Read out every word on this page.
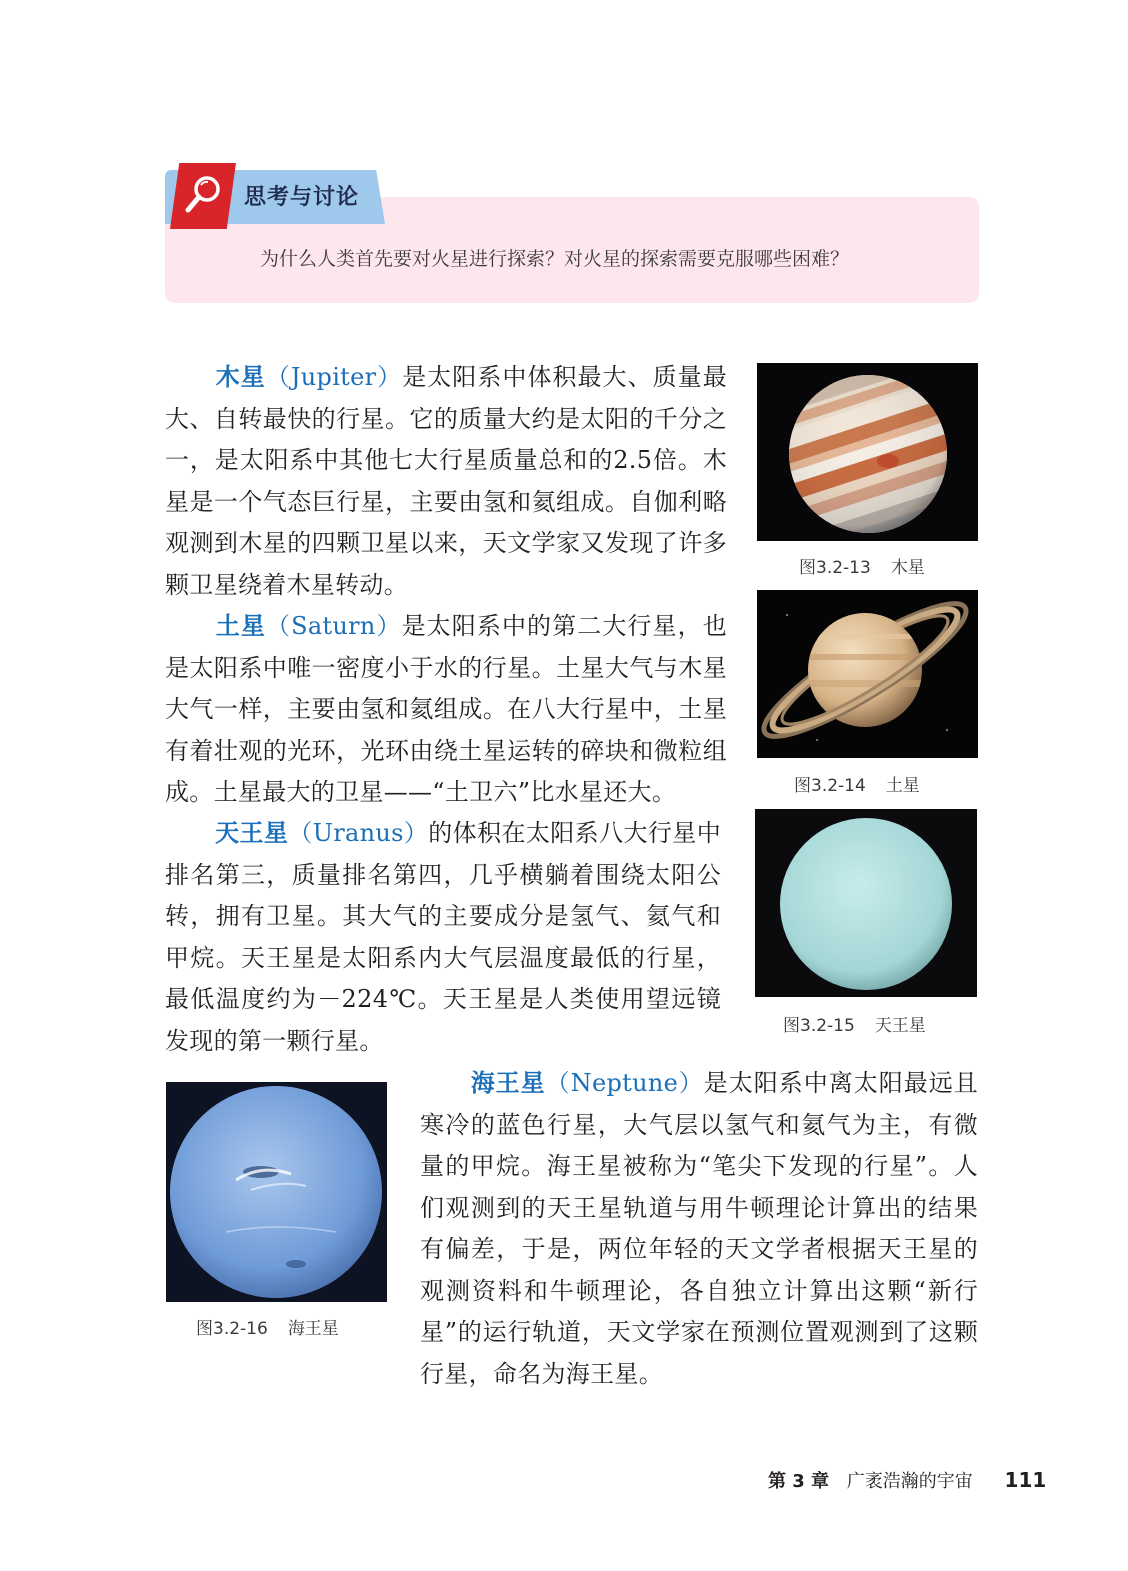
思考与讨论
为什么人类首先要对火星进行探索？对火星的探索需要克服哪些困难？
木星（Jupiter）是太阳系中体积最大、质量最大、自转最快的行星。它的质量大约是太阳的千分之一，是太阳系中其他七大行星质量总和的2.5倍。木星是一个气态巨行星，主要由氢和氦组成。自伽利略观测到木星的四颗卫星以来，天文学家又发现了许多颗卫星绕着木星转动。
土星（Saturn）是太阳系中的第二大行星，也是太阳系中唯一密度小于水的行星。土星大气与木星大气一样，主要由氢和氦组成。在八大行星中，土星有着壮观的光环，光环由绕土星运转的碎块和微粒组成。土星最大的卫星——“土卫六”比水星还大。
天王星（Uranus）的体积在太阳系八大行星中排名第三，质量排名第四，几乎横躺着围绕太阳公转，拥有卫星。其大气的主要成分是氢气、氦气和甲烷。天王星是太阳系内大气层温度最低的行星，最低温度约为－224℃。天王星是人类使用望远镜发现的第一颗行星。
海王星（Neptune）是太阳系中离太阳最远且寒冷的蓝色行星，大气层以氢气和氦气为主，有微量的甲烷。海王星被称为“笔尖下发现的行星”。人们观测到的天王星轨道与用牛顿理论计算出的结果有偏差，于是，两位年轻的天文学者根据天王星的观测资料和牛顿理论，各自独立计算出这颗“新行星”的运行轨道，天文学家在预测位置观测到了这颗行星，命名为海王星。
图3.2-13 木星
图3.2-14 土星
图3.2-15 天王星
图3.2-16 海王星
第 3 章 广袤浩瀚的宇宙 111
